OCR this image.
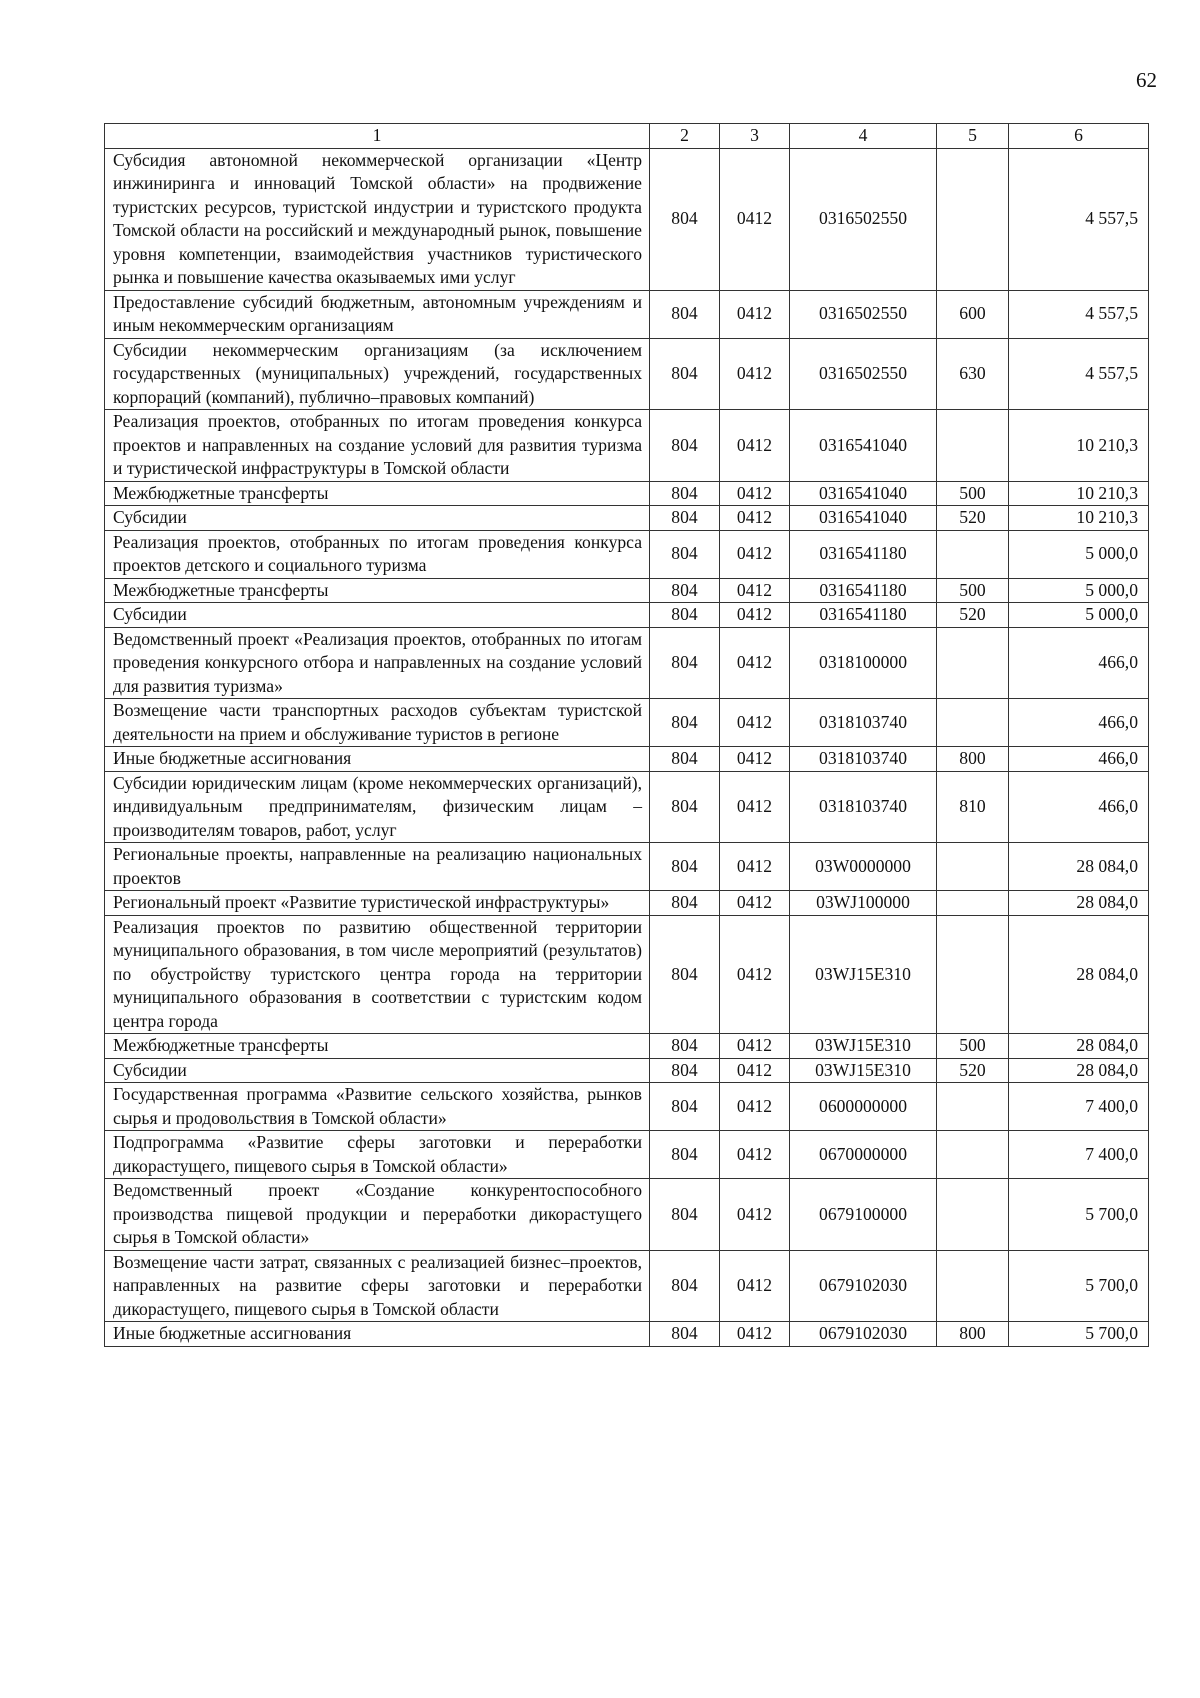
62
1	2	3	4	5	6
Субсидия автономной некоммерческой организации «Центр инжиниринга и инноваций Томской области» на продвижение туристских ресурсов, туристской индустрии и туристского продукта Томской области на российский и международный рынок, повышение уровня компетенции, взаимодействия участников туристического рынка и повышение качества оказываемых ими услуг	804	0412	0316502550		4 557,5
Предоставление субсидий бюджетным, автономным учреждениям и иным некоммерческим организациям	804	0412	0316502550	600	4 557,5
Субсидии некоммерческим организациям (за исключением государственных (муниципальных) учреждений, государственных корпораций (компаний), публично–правовых компаний)	804	0412	0316502550	630	4 557,5
Реализация проектов, отобранных по итогам проведения конкурса проектов и направленных на создание условий для развития туризма и туристической инфраструктуры в Томской области	804	0412	0316541040		10 210,3
Межбюджетные трансферты	804	0412	0316541040	500	10 210,3
Субсидии	804	0412	0316541040	520	10 210,3
Реализация проектов, отобранных по итогам проведения конкурса проектов детского и социального туризма	804	0412	0316541180		5 000,0
Межбюджетные трансферты	804	0412	0316541180	500	5 000,0
Субсидии	804	0412	0316541180	520	5 000,0
Ведомственный проект «Реализация проектов, отобранных по итогам проведения конкурсного отбора и направленных на создание условий для развития туризма»	804	0412	0318100000		466,0
Возмещение части транспортных расходов субъектам туристской деятельности на прием и обслуживание туристов в регионе	804	0412	0318103740		466,0
Иные бюджетные ассигнования	804	0412	0318103740	800	466,0
Субсидии юридическим лицам (кроме некоммерческих организаций), индивидуальным предпринимателям, физическим лицам – производителям товаров, работ, услуг	804	0412	0318103740	810	466,0
Региональные проекты, направленные на реализацию национальных проектов	804	0412	03W0000000		28 084,0
Региональный проект «Развитие туристической инфраструктуры»	804	0412	03WJ100000		28 084,0
Реализация проектов по развитию общественной территории муниципального образования, в том числе мероприятий (результатов) по обустройству туристского центра города на территории муниципального образования в соответствии с туристским кодом центра города	804	0412	03WJ15E310		28 084,0
Межбюджетные трансферты	804	0412	03WJ15E310	500	28 084,0
Субсидии	804	0412	03WJ15E310	520	28 084,0
Государственная программа «Развитие сельского хозяйства, рынков сырья и продовольствия в Томской области»	804	0412	0600000000		7 400,0
Подпрограмма «Развитие сферы заготовки и переработки дикорастущего, пищевого сырья в Томской области»	804	0412	0670000000		7 400,0
Ведомственный проект «Создание конкурентоспособного производства пищевой продукции и переработки дикорастущего сырья в Томской области»	804	0412	0679100000		5 700,0
Возмещение части затрат, связанных с реализацией бизнес–проектов, направленных на развитие сферы заготовки и переработки дикорастущего, пищевого сырья в Томской области	804	0412	0679102030		5 700,0
Иные бюджетные ассигнования	804	0412	0679102030	800	5 700,0
